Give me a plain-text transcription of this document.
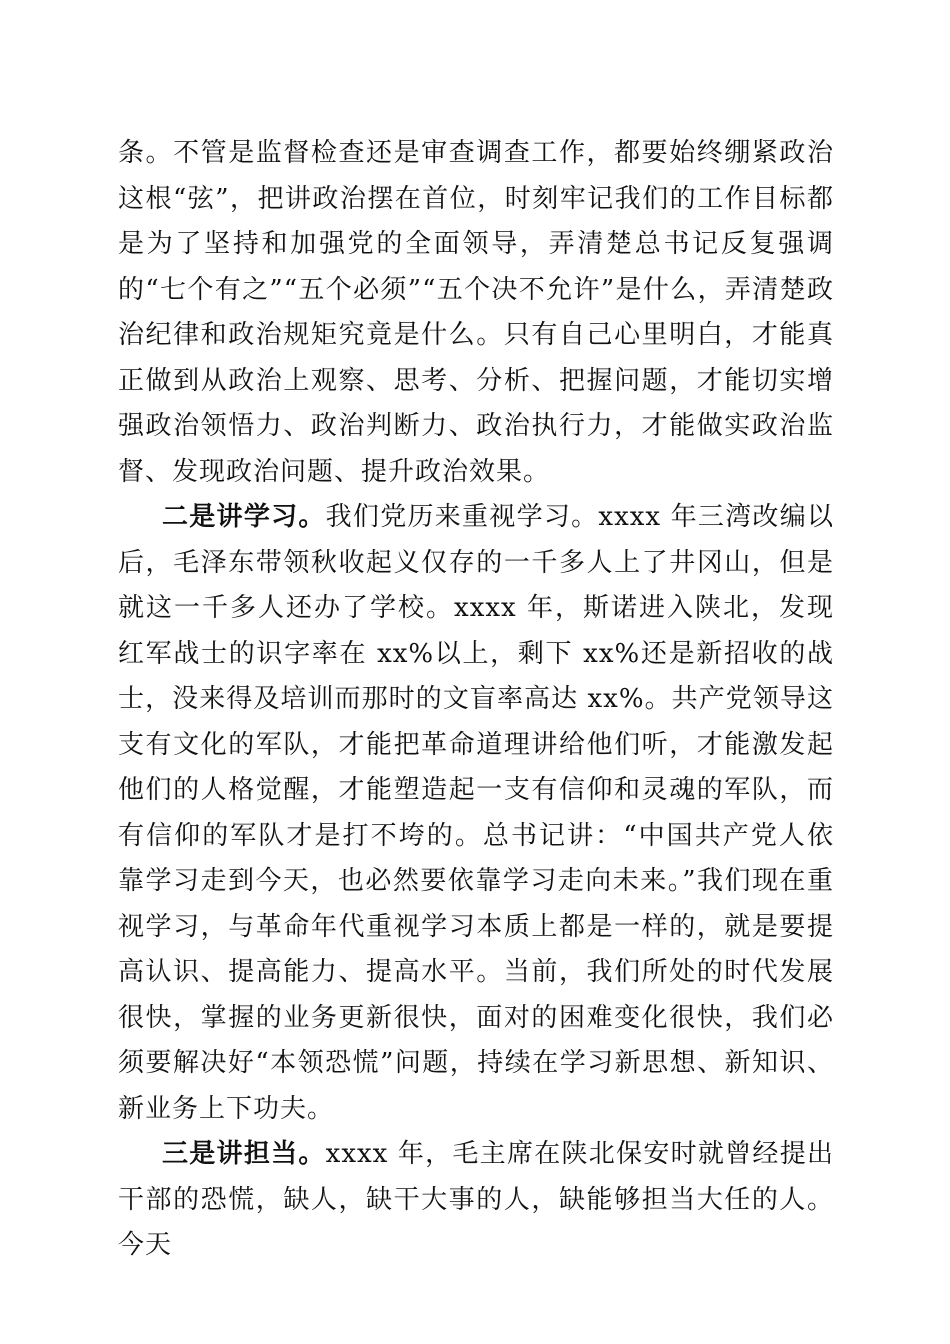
条。不管是监督检查还是审查调查工作，都要始终绷紧政治这根“弦”，把讲政治摆在首位，时刻牢记我们的工作目标都是为了坚持和加强党的全面领导，弄清楚总书记反复强调的“七个有之”“五个必须”“五个决不允许”是什么，弄清楚政治纪律和政治规矩究竟是什么。只有自己心里明白，才能真正做到从政治上观察、思考、分析、把握问题，才能切实增强政治领悟力、政治判断力、政治执行力，才能做实政治监督、发现政治问题、提升政治效果。

二是讲学习。我们党历来重视学习。xxxx 年三湾改编以后，毛泽东带领秋收起义仅存的一千多人上了井冈山，但是就这一千多人还办了学校。xxxx 年，斯诺进入陕北，发现红军战士的识字率在 xx%以上，剩下 xx%还是新招收的战士，没来得及培训而那时的文盲率高达 xx%。共产党领导这支有文化的军队，才能把革命道理讲给他们听，才能激发起他们的人格觉醒，才能塑造起一支有信仰和灵魂的军队，而有信仰的军队才是打不垮的。总书记讲：“中国共产党人依靠学习走到今天，也必然要依靠学习走向未来。”我们现在重视学习，与革命年代重视学习本质上都是一样的，就是要提高认识、提高能力、提高水平。当前，我们所处的时代发展很快，掌握的业务更新很快，面对的困难变化很快，我们必须要解决好“本领恐慌”问题，持续在学习新思想、新知识、新业务上下功夫。

三是讲担当。xxxx 年，毛主席在陕北保安时就曾经提出干部的恐慌，缺人，缺干大事的人，缺能够担当大任的人。今天
